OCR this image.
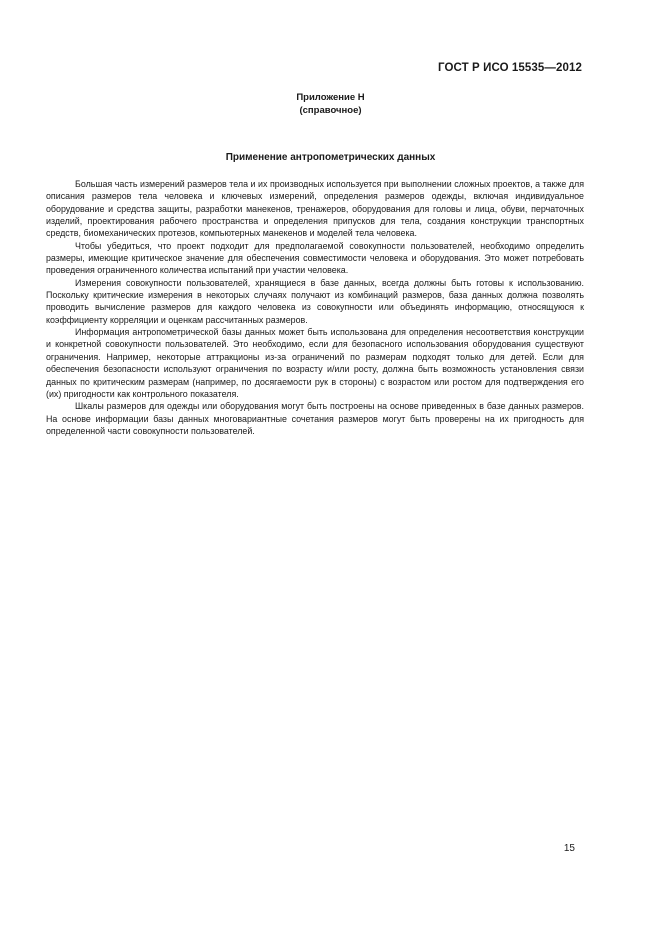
ГОСТ Р ИСО 15535—2012
Приложение Н
(справочное)
Применение антропометрических данных

Большая часть измерений размеров тела и их производных используется при выполнении сложных проектов, а также для описания размеров тела человека и ключевых измерений, определения размеров одежды, включая индивидуальное оборудование и средства защиты, разработки манекенов, тренажеров, оборудования для головы и лица, обуви, перчаточных изделий, проектирования рабочего пространства и определения припусков для тела, создания конструкции транспортных средств, биомеханических протезов, компьютерных манекенов и моделей тела человека.

Чтобы убедиться, что проект подходит для предполагаемой совокупности пользователей, необходимо определить размеры, имеющие критическое значение для обеспечения совместимости человека и оборудования. Это может потребовать проведения ограниченного количества испытаний при участии человека.

Измерения совокупности пользователей, хранящиеся в базе данных, всегда должны быть готовы к использованию. Поскольку критические измерения в некоторых случаях получают из комбинаций размеров, база данных должна позволять проводить вычисление размеров для каждого человека из совокупности или объединять информацию, относящуюся к коэффициенту корреляции и оценкам рассчитанных размеров.

Информация антропометрической базы данных может быть использована для определения несоответствия конструкции и конкретной совокупности пользователей. Это необходимо, если для безопасного использования оборудования существуют ограничения. Например, некоторые аттракционы из-за ограничений по размерам подходят только для детей. Если для обеспечения безопасности используют ограничения по возрасту и/или росту, должна быть возможность установления связи данных по критическим размерам (например, по досягаемости рук в стороны) с возрастом или ростом для подтверждения его (их) пригодности как контрольного показателя.

Шкалы размеров для одежды или оборудования могут быть построены на основе приведенных в базе данных размеров. На основе информации базы данных многовариантные сочетания размеров могут быть проверены на их пригодность для определенной части совокупности пользователей.

15
